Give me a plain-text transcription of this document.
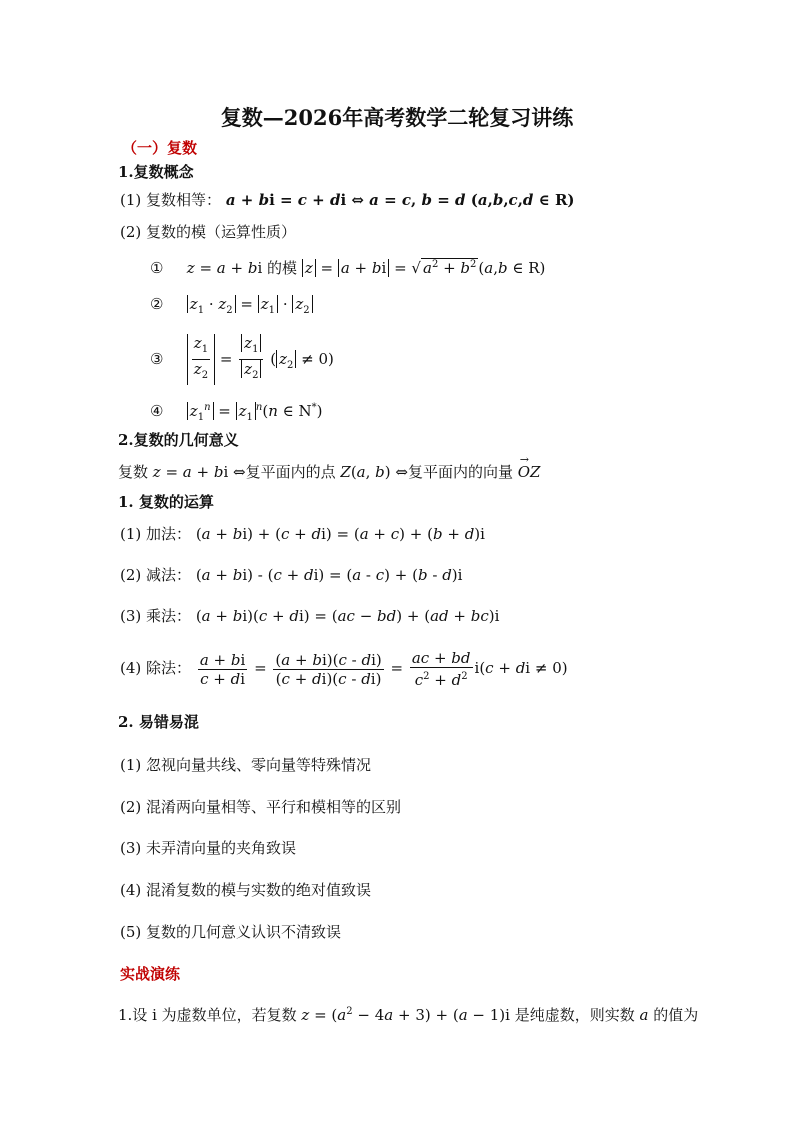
复数—2026年高考数学二轮复习讲练
（一）复数
1.复数概念
(1) 复数相等： a + bi = c + di ⇔ a = c, b = d (a,b,c,d ∈ R)
(2) 复数的模（运算性质）
① z = a + bi 的模 z = a + bi = √ $a^2 + b^2$ (a,b ∈ R)
② $z_1 \cdot z_2 = z_1 \cdot z_2$
③ $\frac{z_1}{z_2} = \frac{z_1}{z_2}$ ( $z_2 \ne 0$)
④ $z_1^n = z_1^n(n$ ∈ N*)
2.复数的几何意义
复数 z = a + bi ⇔复平面内的点 Z(a, b) ⇔复平面内的向量 → OZ
1. 复数的运算
(1) 加法： (a + bi) + (c + di) = (a + c) + (b + d)i
(2) 减法： (a + bi) - (c + di) = (a - c) + (b - d)i
(3) 乘法： (a + bi)(c + di) = (ac − bd) + (ad + bc)i
(4) 除法： $\frac{a + bi}{c + di} = \frac{(a + bi)(c - di)}{(c + di)(c - di)} = \frac{ac + bd}{c^2 + d^2} i(c$ + di ≠ 0)
2. 易错易混
(1) 忽视向量共线、零向量等特殊情况
(2) 混淆两向量相等、平行和模相等的区别
(3) 未弄清向量的夹角致误
(4) 混淆复数的模与实数的绝对值致误
(5) 复数的几何意义认识不清致误
实战演练
1.设 i 为虚数单位，若复数 $z = (a^2 - 4a + 3) + (a - 1)i$ 是纯虚数，则实数 a 的值为
